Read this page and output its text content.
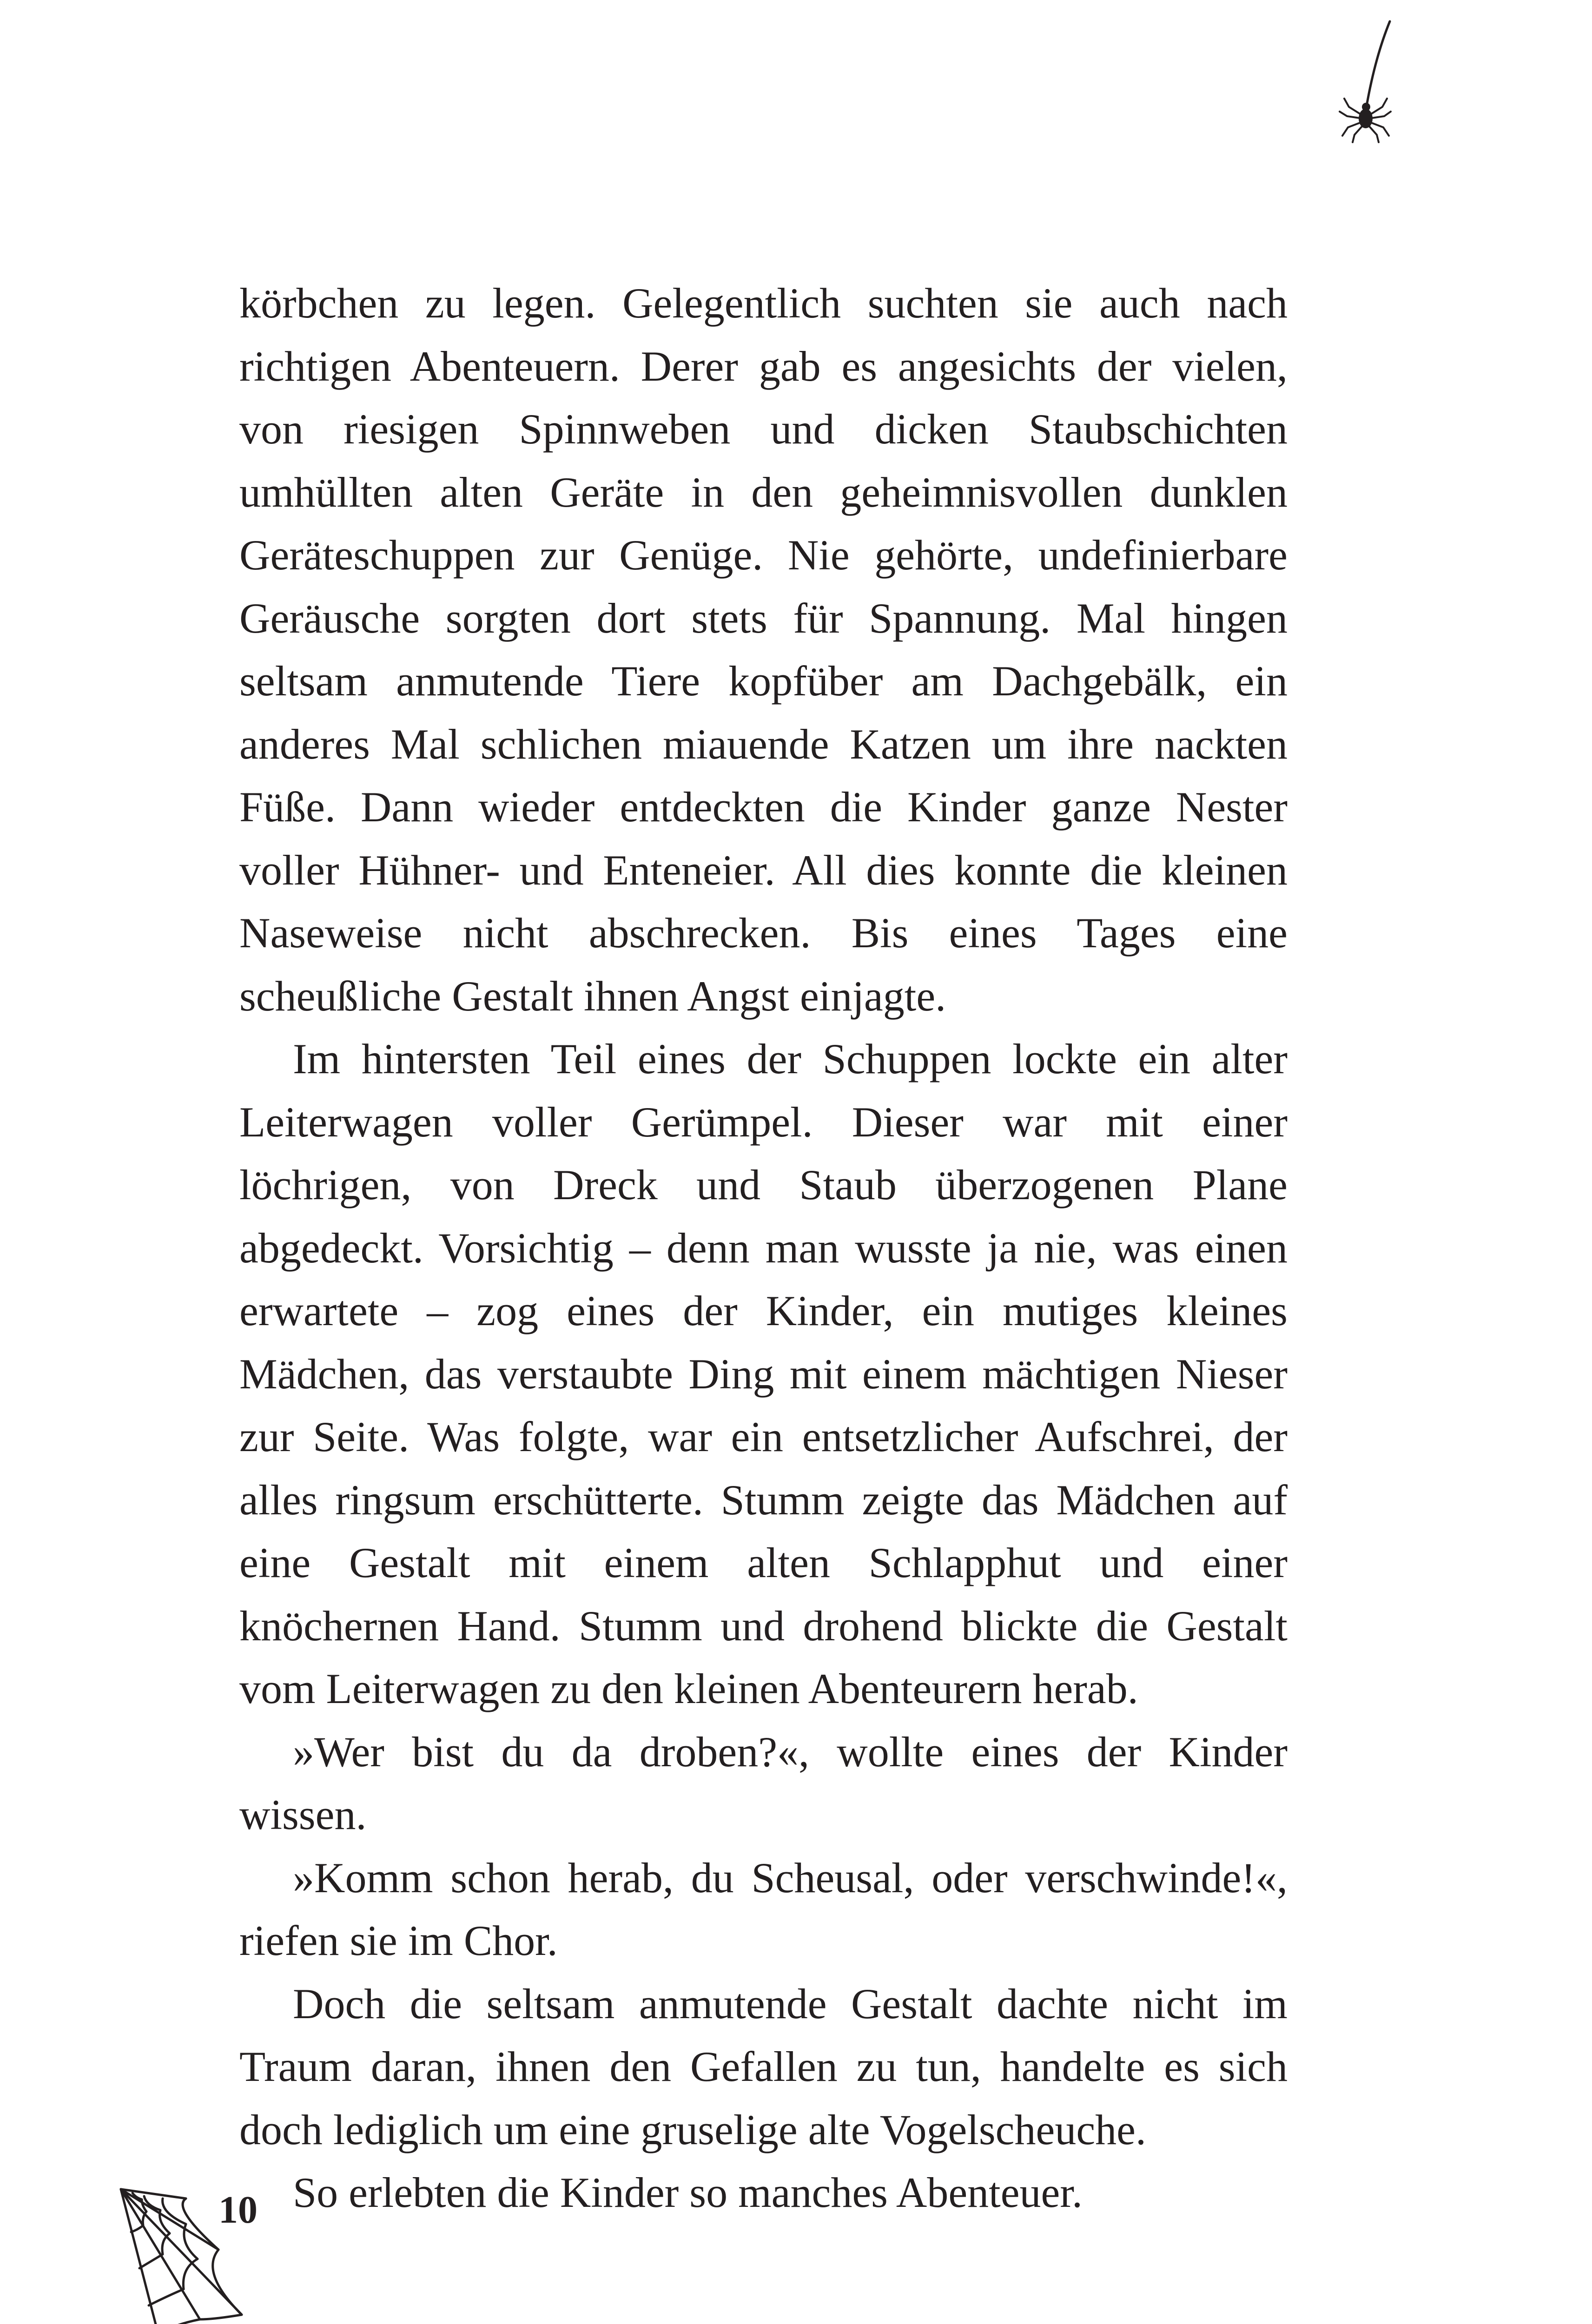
körbchen zu legen. Gelegentlich suchten sie auch nach richtigen Abenteuern. Derer gab es angesichts der vielen, von riesigen Spinnweben und dicken Staubschichten umhüllten alten Geräte in den geheimnisvollen dunklen Geräteschuppen zur Genüge. Nie gehörte, undefinierbare Geräusche sorgten dort stets für Spannung. Mal hingen seltsam anmutende Tiere kopfüber am Dachgebälk, ein anderes Mal schlichen miauende Katzen um ihre nackten Füße. Dann wieder entdeckten die Kinder ganze Nester voller Hühner- und Enteneier. All dies konnte die kleinen Naseweise nicht abschrecken. Bis eines Tages eine scheußliche Gestalt ihnen Angst einjagte.

Im hintersten Teil eines der Schuppen lockte ein alter Leiterwagen voller Gerümpel. Dieser war mit einer löchrigen, von Dreck und Staub überzogenen Plane abgedeckt. Vorsichtig – denn man wusste ja nie, was einen erwartete – zog eines der Kinder, ein mutiges kleines Mädchen, das verstaubte Ding mit einem mächtigen Nieser zur Seite. Was folgte, war ein entsetzlicher Aufschrei, der alles ringsum erschütterte. Stumm zeigte das Mädchen auf eine Gestalt mit einem alten Schlapphut und einer knöchernen Hand. Stumm und drohend blickte die Gestalt vom Leiterwagen zu den kleinen Abenteurern herab.

»Wer bist du da droben?«, wollte eines der Kinder wissen.

»Komm schon herab, du Scheusal, oder verschwinde!«, riefen sie im Chor.

Doch die seltsam anmutende Gestalt dachte nicht im Traum daran, ihnen den Gefallen zu tun, handelte es sich doch lediglich um eine gruselige alte Vogelscheuche.

So erlebten die Kinder so manches Abenteuer.

10
